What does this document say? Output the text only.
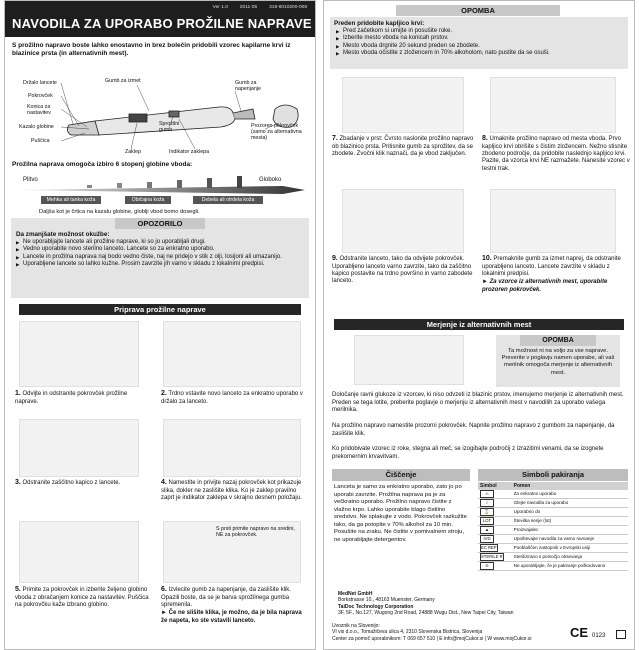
Ver 1.0	2011-05	318-8010200-008
NAVODILA ZA UPORABO PROŽILNE NAPRAVE
S prožilno napravo boste lahko enostavno in brez bolečin pridobili vzorec kapilarne krvi iz blazinice prsta (in alternativnih mest).
Držalo lancete
Pokrovček
Konica za nastavitev
Kazalo globine
Puščica
Gumb za izmet	Gumb za napenjanje
Sprožilni gumb
Zaklep	Indikator zaklepa
Prozoren pokrovček (samo za alternativna mesta)
Prožilna naprava omogoča izbiro 6 stopenj globine vboda:
Plitvo	Globoko
Mehka ali tanka koža	Običajna koža	Debela ali otrdela koža
Daljša kot je črtica na kazalu globine, globlji vbod bomo dosegli.
OPOZORILO
Da zmanjšate možnost okužbe:
▶ Ne uporabljajte lancete ali prožilne naprave, ki so jo uporabljali drugi.
▶ Vedno uporabite novo sterilno lanceto. Lancete so za enkratno uporabo.
▶ Lancete in prožilna naprava naj bodo vedno čiste, naj ne pridejo v stik z olji, losijoni ali umazanijo.
▶ Uporabljene lancete so lahko kužne. Prosim zavrzite jih varno v skladu z lokalnimi predpisi.
Priprava prožilne naprave
1. Odvijte in odstranite pokrovček prožilne naprave.
2. Trdno vstavite novo lanceto za enkratno uporabo v držalo za lanceto.
3. Odstranite zaščitno kapico z lancete.	4. Namestite in privijte nazaj pokrovček kot prikazuje slika, dokler ne zaslišite klika. Ko je zaklep pravilno zaprt je indikator zaklepa v skrajno desnem položaju.
S prsti primite napravo na sredini, NE za pokrovček.
5. Primite za pokrovček in izberite željeno globino vboda z obračanjem konice za nastavitev. Puščica na pokrovčku kaže izbrano globino.
6. Izvlecite gumb za napenjanje, da zaslišite klik. Opazili boste, da se je barva sprožilnega gumba spremenila.
► Če ne slišite klika, je možno, da je bila naprava že napeta, ko ste vstavili lanceto.
OPOMBA
Preden pridobite kapljico krvi:
▶ Pred začetkom si umijte in posušite roke.
▶ Izberite mesto vboda na konicah prstov.
▶ Mesto vboda drgnite 20 sekund preden se zbodete.
▶ Mesto vboda očistite z zložencem in 70% alkoholom, nato pustite da se osuši.
7. Zbadanje v prst: Čvrsto naslonite prožilno napravo ob blazinico prsta. Pritisnite gumb za sprožitev, da se zbodete. Zvočni klik naznači, da je vbod zaključen.
8. Umaknite prožilno napravo od mesta vboda. Prvo kapljico krvi obrišite s čistim zložencem. Nežno stisnite zbodeno področje, da pridobite naslednjo kapljico krvi. Pazite, da vzorca krvi NE razmažete. Nanesite vzorec v testni trak.
9. Odstranite lanceto, tako da odvijete pokrovček. Uporabljeno lanceto varno zavrzite, tako da zaščitno kapico postavite na trdno površino in varno zabodete lanceto.
10. Premaknite gumb za izmet naprej, da odstranite uporabljeno lanceto. Lancete zavrzite v skladu z lokalnimi predpisi.
► Za vzorce iz alternativnih mest, uporabite prozoren pokrovček.
Merjenje iz alternativnih mest
OPOMBA
Ta možnost ni na voljo za vse naprave. Preverite v poglavju namen uporabe, ali vaš merilnik omogoča merjenje iz alternativnih mest.
Določanje ravni glukoze iz vzorcev, ki niso odvzeti iz blazinic prstov, imenujemo merjenje iz alternativnih mest. Preden se tega lotite, preberite poglavje o merjenju iz alternativnih mest v navodilih za uporabo vašega merilnika.
Na prožilno napravo namestite prozorni pokrovček. Napnite prožilno napravo z gumbom za napenjanje, da zaslišite klik.
Ko pridobivate vzorec iz roke, stegna ali meč, se izogibajte področij z izrazitimi venami, da se izognete prekomernim krvavitvam.
Čiščenje
Lanceta je samo za enkratno uporabo, zato jo po uporabi zavrzite. Prožilna naprava pa je za večkratno uporabo. Prožilno napravo čistite z vlažno krpo. Lahko uporabite blago čistilno sredstvo. Ne splakujte z vodo. Pokrovček razkužite tako, da ga potopite v 70% alkohol za 10 min. Posušite na zraku. Ne čistite v pomivalnem stroju, ne uporabljajte detergentov.
Simboli pakiranja
Simbol	Pomen
⚠	Za enkratno uporabo
i	Glejte navodila za uporabo
⌛	Uporabno do
LOT	Številka serije (lot)
▲	Proizvajalec
IVD	Upoštevajte navodila za varno ravnanje
EC REP	Pooblaščen zastopnik v Evropski uniji
STERILE R	Sterilizirano s pomočjo obsevanja
⊘	Ne uporabljajte, če je pakiranje poškodovano
MedNet GmbH
Borkstrasse 10., 48163 Muenster, Germany
TaiDoc Technology Corporation
3F, 5F., No.127, Wugong 2nd Road, 24888 Wugu Dist., New Taipei City, Taiwan
Uvoznik na Slovenijo:
VI vis d.o.o., Tomažičeva ulica 4, 2310 Slovenska Bistrica, Slovenija
Center za pomoč uporabnikom: T 069 657 510 | E info@mojCukor.si | W www.mojCukor.si	CE 0123
